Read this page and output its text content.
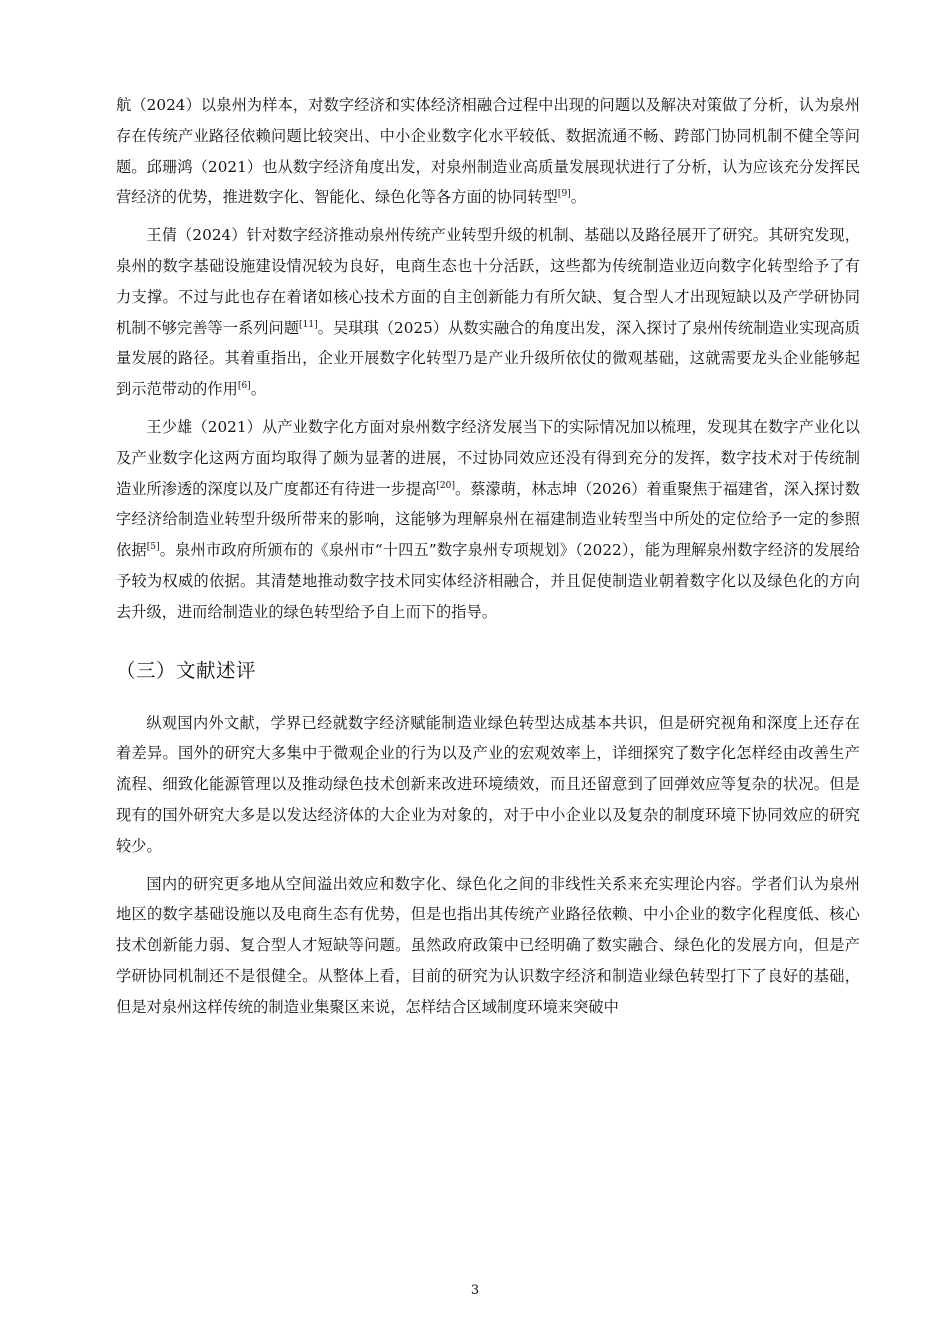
航（2024）以泉州为样本，对数字经济和实体经济相融合过程中出现的问题以及解决对策做了分析，认为泉州存在传统产业路径依赖问题比较突出、中小企业数字化水平较低、数据流通不畅、跨部门协同机制不健全等问题。邱珊鸿（2021）也从数字经济角度出发，对泉州制造业高质量发展现状进行了分析，认为应该充分发挥民营经济的优势，推进数字化、智能化、绿色化等各方面的协同转型[9]。

王倩（2024）针对数字经济推动泉州传统产业转型升级的机制、基础以及路径展开了研究。其研究发现，泉州的数字基础设施建设情况较为良好，电商生态也十分活跃，这些都为传统制造业迈向数字化转型给予了有力支撑。不过与此也存在着诸如核心技术方面的自主创新能力有所欠缺、复合型人才出现短缺以及产学研协同机制不够完善等一系列问题[11]。吴琪琪（2025）从数实融合的角度出发，深入探讨了泉州传统制造业实现高质量发展的路径。其着重指出，企业开展数字化转型乃是产业升级所依仗的微观基础，这就需要龙头企业能够起到示范带动的作用[6]。

王少雄（2021）从产业数字化方面对泉州数字经济发展当下的实际情况加以梳理，发现其在数字产业化以及产业数字化这两方面均取得了颇为显著的进展，不过协同效应还没有得到充分的发挥，数字技术对于传统制造业所渗透的深度以及广度都还有待进一步提高[20]。蔡濛萌，林志坤（2026）着重聚焦于福建省，深入探讨数字经济给制造业转型升级所带来的影响，这能够为理解泉州在福建制造业转型当中所处的定位给予一定的参照依据[5]。泉州市政府所颁布的《泉州市“十四五”数字泉州专项规划》（2022），能为理解泉州数字经济的发展给予较为权威的依据。其清楚地推动数字技术同实体经济相融合，并且促使制造业朝着数字化以及绿色化的方向去升级，进而给制造业的绿色转型给予自上而下的指导。

（三）文献述评

纵观国内外文献，学界已经就数字经济赋能制造业绿色转型达成基本共识，但是研究视角和深度上还存在着差异。国外的研究大多集中于微观企业的行为以及产业的宏观效率上，详细探究了数字化怎样经由改善生产流程、细致化能源管理以及推动绿色技术创新来改进环境绩效，而且还留意到了回弹效应等复杂的状况。但是现有的国外研究大多是以发达经济体的大企业为对象的，对于中小企业以及复杂的制度环境下协同效应的研究较少。

国内的研究更多地从空间溢出效应和数字化、绿色化之间的非线性关系来充实理论内容。学者们认为泉州地区的数字基础设施以及电商生态有优势，但是也指出其传统产业路径依赖、中小企业的数字化程度低、核心技术创新能力弱、复合型人才短缺等问题。虽然政府政策中已经明确了数实融合、绿色化的发展方向，但是产学研协同机制还不是很健全。从整体上看，目前的研究为认识数字经济和制造业绿色转型打下了良好的基础，但是对泉州这样传统的制造业集聚区来说，怎样结合区域制度环境来突破中

3
